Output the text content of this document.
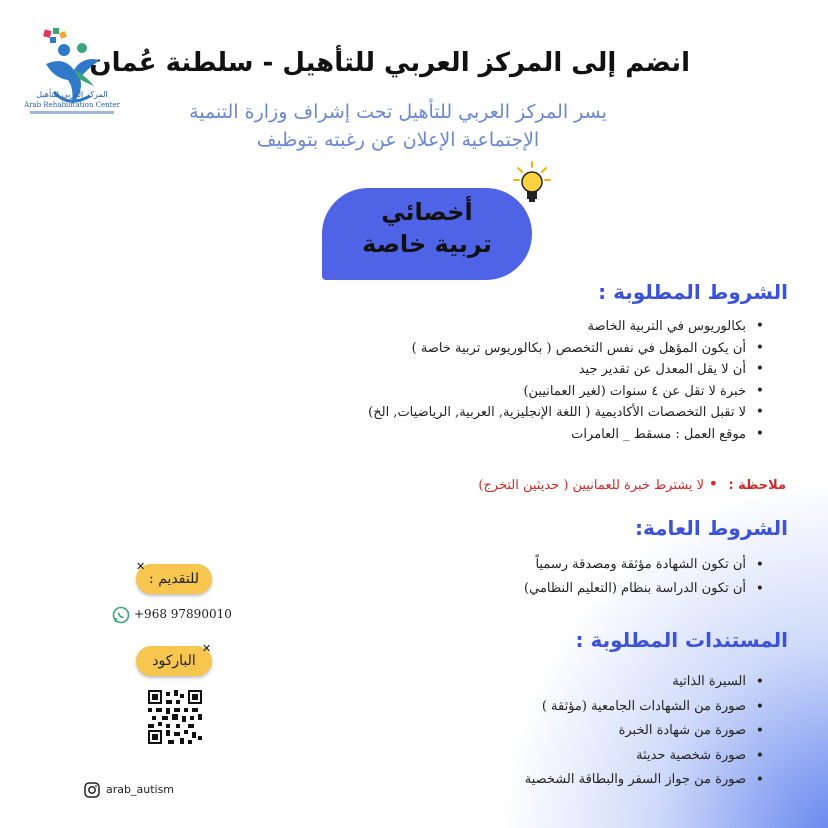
المركز العربي للتأهيل
Arab Rehabilitation Center
انضم إلى المركز العربي للتأهيل - سلطنة عُمان
يسر المركز العربي للتأهيل تحت إشراف وزارة التنمية
الإجتماعية الإعلان عن رغبته بتوظيف
أخصائي
تربية خاصة
الشروط المطلوبة :
• بكالوريوس في التربية الخاصة
• أن يكون المؤهل في نفس التخصص ( بكالوريوس تربية خاصة )
• أن لا يقل المعدل عن تقدير جيد
• خبرة لا تقل عن ٤ سنوات (لغير العمانيين)
• لا تقبل التخصصات الأكاديمية ( اللغة الإنجليزية, العربية, الرياضيات, الخ)
• موقع العمل : مسقط _ العامرات
ملاحظة :
•
لا يشترط خبرة للعمانيين ( حديثين التخرج)
الشروط العامة:
• أن تكون الشهادة مؤثقة ومصدقة رسمياً
• أن تكون الدراسة بنظام (التعليم النظامي)
المستندات المطلوبة :
• السيرة الذاتية
• صورة من الشهادات الجامعية (مؤثقة )
• صورة من شهادة الخبرة
• صورة شخصية حديثة
• صورة من جواز السفر والبطاقة الشخصية
للتقديم :
✕
+968 97890010
الباركود
✕
arab_autism
